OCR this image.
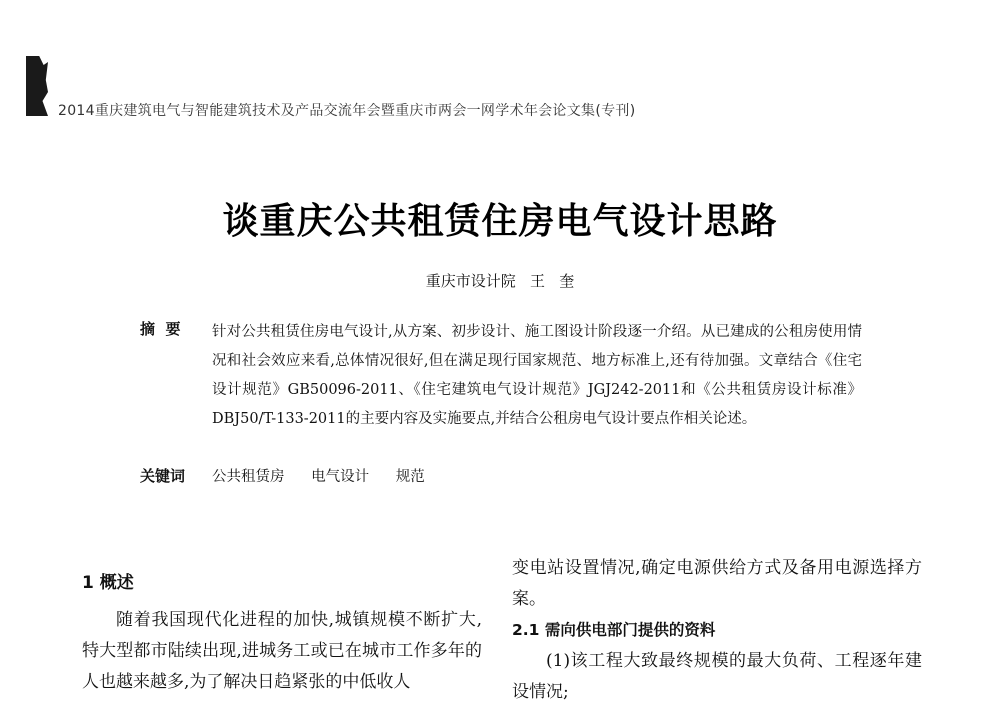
2014重庆建筑电气与智能建筑技术及产品交流年会暨重庆市两会一网学术年会论文集(专刊)
谈重庆公共租赁住房电气设计思路
重庆市设计院   王   奎
摘  要 针对公共租赁住房电气设计,从方案、初步设计、施工图设计阶段逐一介绍。从已建成的公租房使用情况和社会效应来看,总体情况很好,但在满足现行国家规范、地方标准上,还有待加强。文章结合《住宅设计规范》GB50096-2011、《住宅建筑电气设计规范》JGJ242-2011和《公共租赁房设计标准》DBJ50/T-133-2011的主要内容及实施要点,并结合公租房电气设计要点作相关论述。
关键词 公共租赁房 电气设计 规范
1 概述

随着我国现代化进程的加快,城镇规模不断扩大,特大型都市陆续出现,进城务工或已在城市工作多年的人也越来越多,为了解决日趋紧张的中低收人

变电站设置情况,确定电源供给方式及备用电源选择方案。

2.1 需向供电部门提供的资料

(1)该工程大致最终规模的最大负荷、工程逐年建设情况;
